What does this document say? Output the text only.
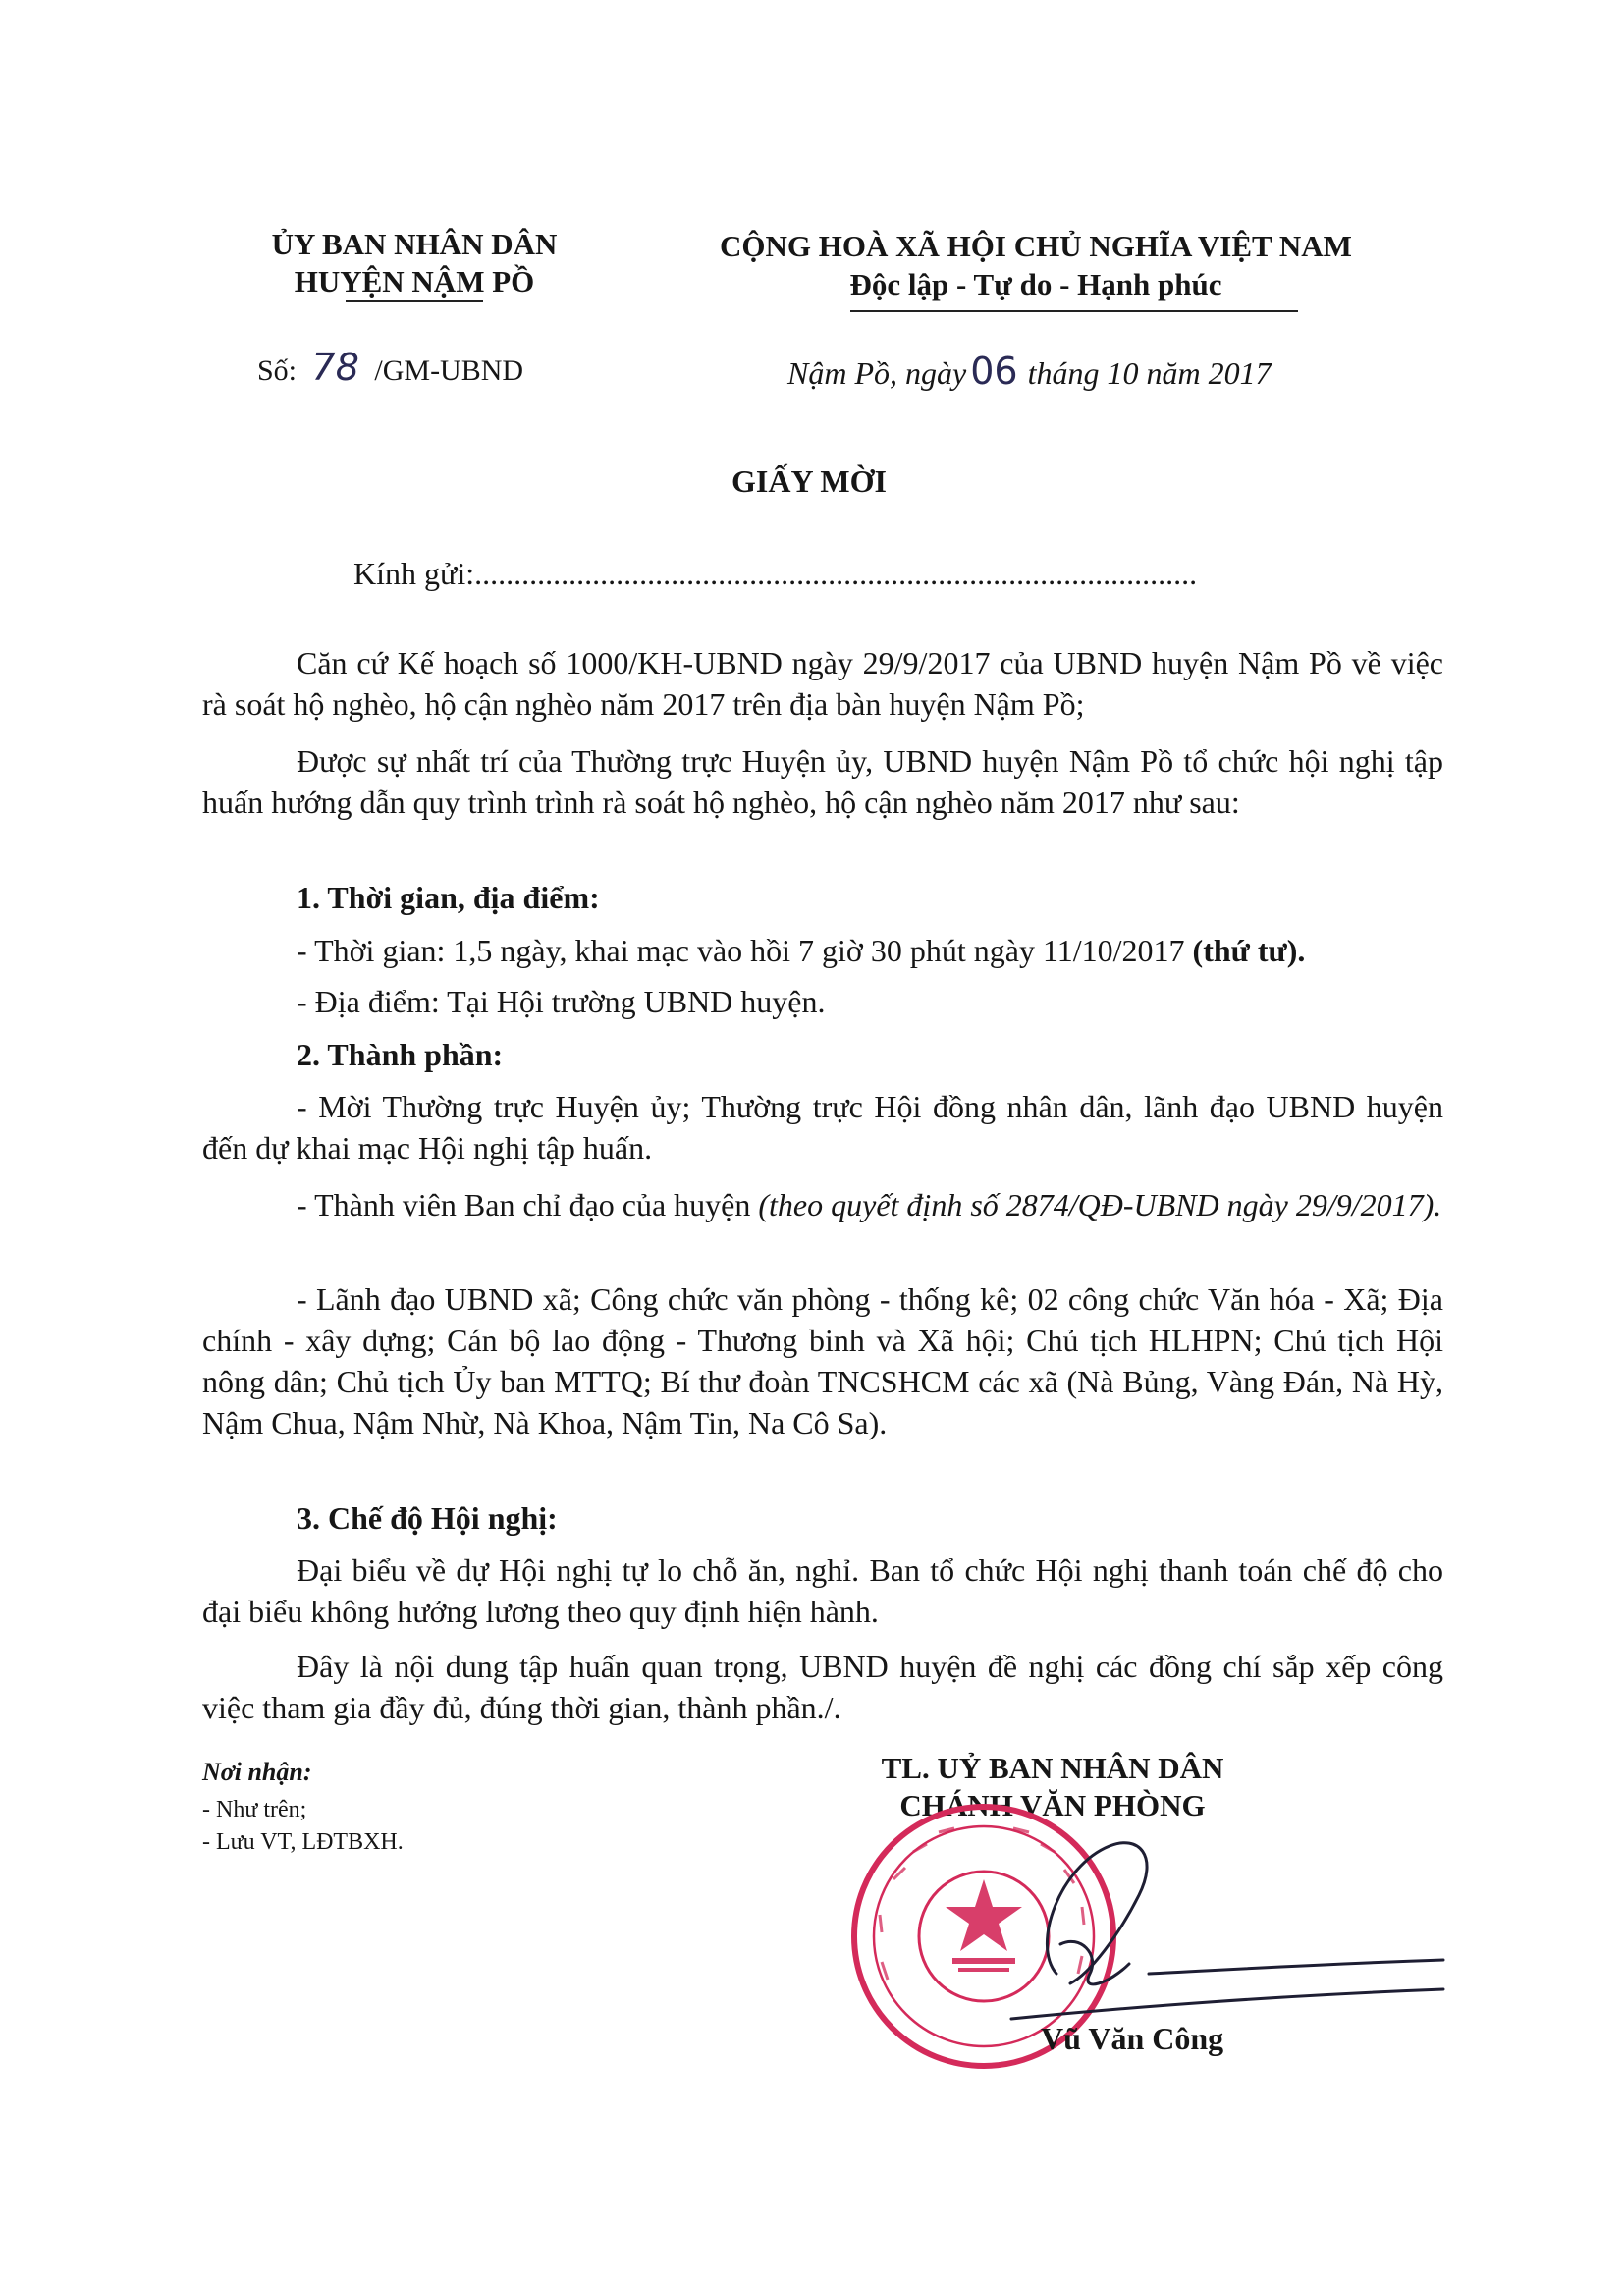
ỦY BAN NHÂN DÂN
HUYỆN NẬM PỒ
CỘNG HOÀ XÃ HỘI CHỦ NGHĨA VIỆT NAM
Độc lập - Tự do - Hạnh phúc
Số: 78 /GM-UBND	Nậm Pồ, ngày 06 tháng 10 năm 2017
GIẤY MỜI
Kính gửi:............................................................................................
Căn cứ Kế hoạch số 1000/KH-UBND ngày 29/9/2017 của UBND huyện Nậm Pồ về việc rà soát hộ nghèo, hộ cận nghèo năm 2017 trên địa bàn huyện Nậm Pồ;
Được sự nhất trí của Thường trực Huyện ủy, UBND huyện Nậm Pồ tổ chức hội nghị tập huấn hướng dẫn quy trình trình rà soát hộ nghèo, hộ cận nghèo năm 2017 như sau:
1. Thời gian, địa điểm:
- Thời gian: 1,5 ngày, khai mạc vào hồi 7 giờ 30 phút ngày 11/10/2017 (thứ tư).
- Địa điểm: Tại Hội trường UBND huyện.
2. Thành phần:
- Mời Thường trực Huyện ủy; Thường trực Hội đồng nhân dân, lãnh đạo UBND huyện đến dự khai mạc Hội nghị tập huấn.
- Thành viên Ban chỉ đạo của huyện (theo quyết định số 2874/QĐ-UBND ngày 29/9/2017).
- Lãnh đạo UBND xã; Công chức văn phòng - thống kê; 02 công chức Văn hóa - Xã; Địa chính - xây dựng; Cán bộ lao động - Thương binh và Xã hội; Chủ tịch HLHPN; Chủ tịch Hội nông dân; Chủ tịch Ủy ban MTTQ; Bí thư đoàn TNCSHCM các xã (Nà Bủng, Vàng Đán, Nà Hỳ, Nậm Chua, Nậm Nhừ, Nà Khoa, Nậm Tin, Na Cô Sa).
3. Chế độ Hội nghị:
Đại biểu về dự Hội nghị tự lo chỗ ăn, nghỉ. Ban tổ chức Hội nghị thanh toán chế độ cho đại biểu không hưởng lương theo quy định hiện hành.
Đây là nội dung tập huấn quan trọng, UBND huyện đề nghị các đồng chí sắp xếp công việc tham gia đầy đủ, đúng thời gian, thành phần./.
Nơi nhận:
- Như trên;
- Lưu VT, LĐTBXH.
TL. UỶ BAN NHÂN DÂN
CHÁNH VĂN PHÒNG
Vũ Văn Công
